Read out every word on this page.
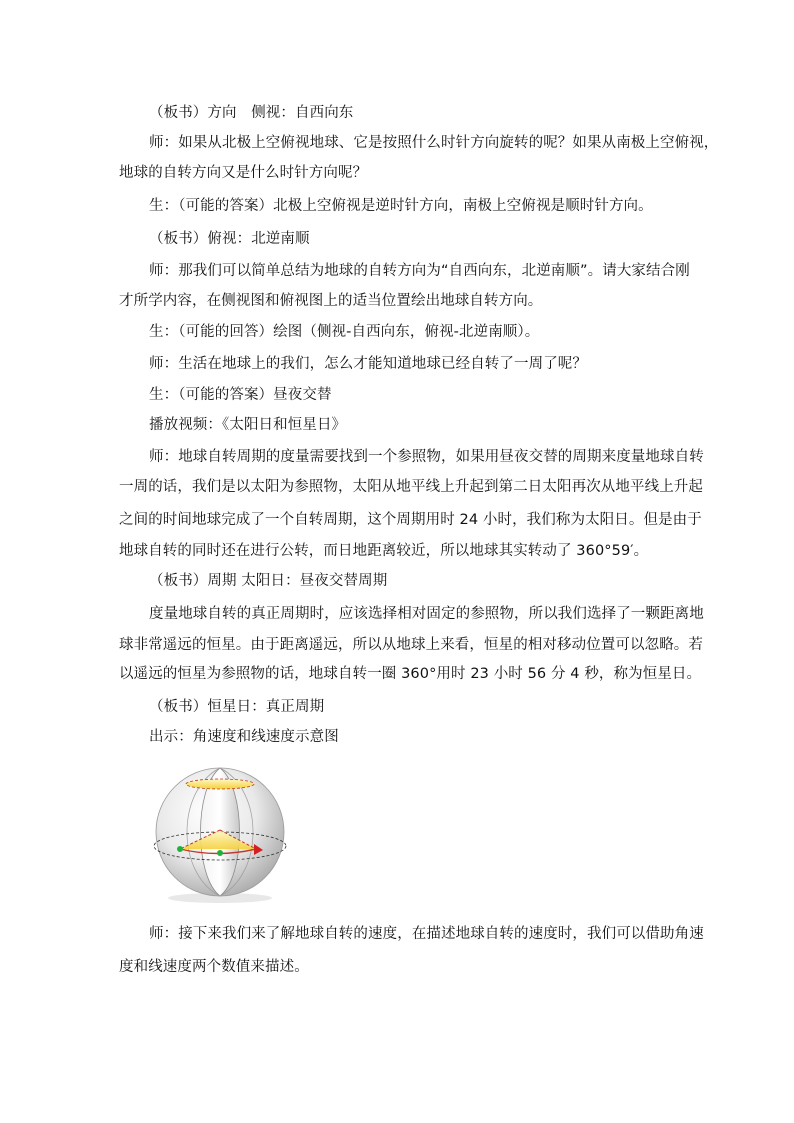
（板书）方向　侧视：自西向东
师：如果从北极上空俯视地球、它是按照什么时针方向旋转的呢？如果从南极上空俯视，
地球的自转方向又是什么时针方向呢？
生：（可能的答案）北极上空俯视是逆时针方向，南极上空俯视是顺时针方向。
（板书）俯视：北逆南顺
师：那我们可以简单总结为地球的自转方向为“自西向东，北逆南顺”。请大家结合刚
才所学内容，在侧视图和俯视图上的适当位置绘出地球自转方向。
生：（可能的回答）绘图（侧视-自西向东，俯视-北逆南顺）。
师：生活在地球上的我们，怎么才能知道地球已经自转了一周了呢？
生：（可能的答案）昼夜交替
播放视频：《太阳日和恒星日》
师：地球自转周期的度量需要找到一个参照物，如果用昼夜交替的周期来度量地球自转
一周的话，我们是以太阳为参照物，太阳从地平线上升起到第二日太阳再次从地平线上升起
之间的时间地球完成了一个自转周期，这个周期用时 24 小时，我们称为太阳日。但是由于
地球自转的同时还在进行公转，而日地距离较近，所以地球其实转动了 360°59′。
（板书）周期 太阳日：昼夜交替周期
度量地球自转的真正周期时，应该选择相对固定的参照物，所以我们选择了一颗距离地
球非常遥远的恒星。由于距离遥远，所以从地球上来看，恒星的相对移动位置可以忽略。若
以遥远的恒星为参照物的话，地球自转一圈 360°用时 23 小时 56 分 4 秒，称为恒星日。
（板书）恒星日：真正周期
出示：角速度和线速度示意图
师：接下来我们来了解地球自转的速度，在描述地球自转的速度时，我们可以借助角速
度和线速度两个数值来描述。
